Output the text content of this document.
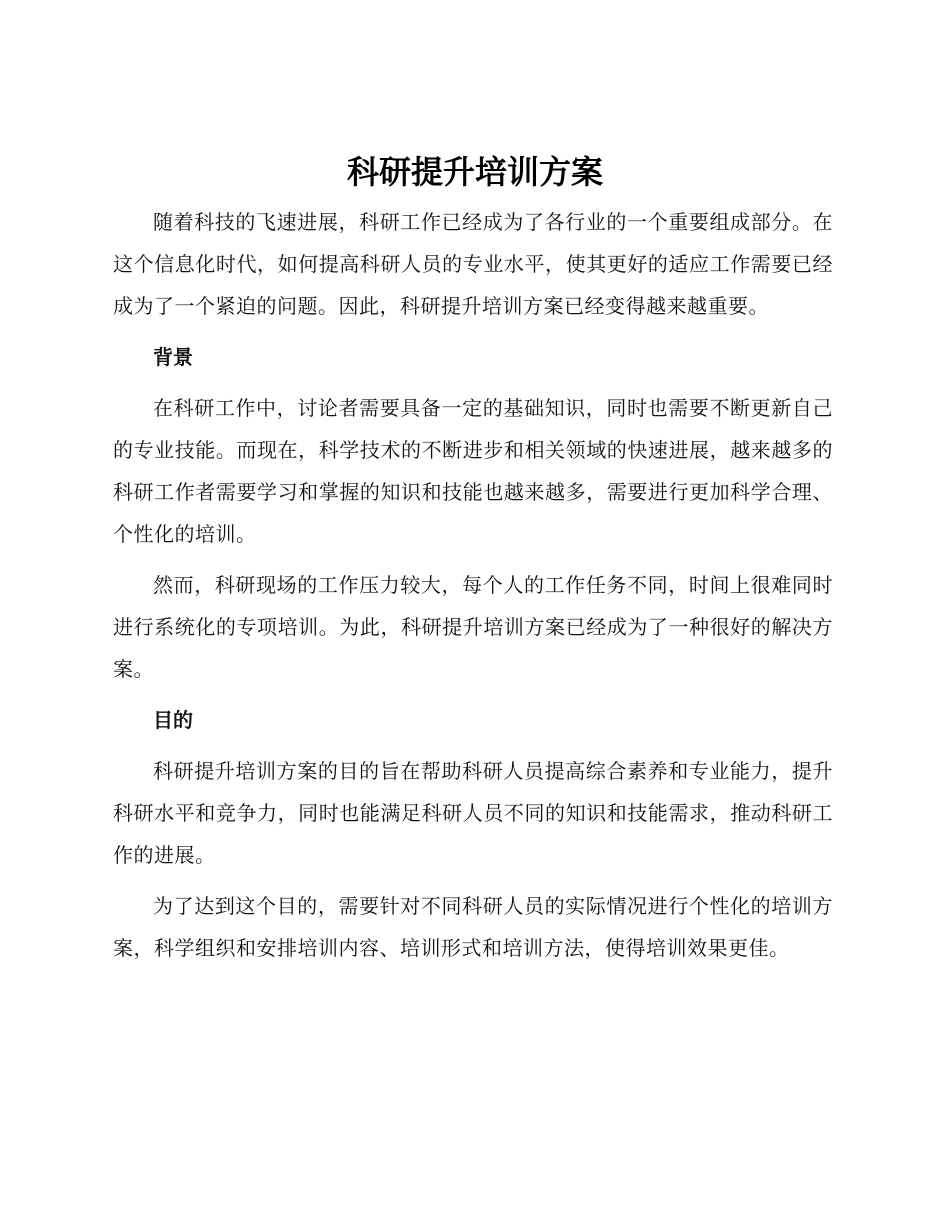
科研提升培训方案

随着科技的飞速进展，科研工作已经成为了各行业的一个重要组成部分。在这个信息化时代，如何提高科研人员的专业水平，使其更好的适应工作需要已经成为了一个紧迫的问题。因此，科研提升培训方案已经变得越来越重要。

背景

在科研工作中，讨论者需要具备一定的基础知识，同时也需要不断更新自己的专业技能。而现在，科学技术的不断进步和相关领域的快速进展，越来越多的科研工作者需要学习和掌握的知识和技能也越来越多，需要进行更加科学合理、个性化的培训。

然而，科研现场的工作压力较大，每个人的工作任务不同，时间上很难同时进行系统化的专项培训。为此，科研提升培训方案已经成为了一种很好的解决方案。

目的

科研提升培训方案的目的旨在帮助科研人员提高综合素养和专业能力，提升科研水平和竞争力，同时也能满足科研人员不同的知识和技能需求，推动科研工作的进展。

为了达到这个目的，需要针对不同科研人员的实际情况进行个性化的培训方案，科学组织和安排培训内容、培训形式和培训方法，使得培训效果更佳。
